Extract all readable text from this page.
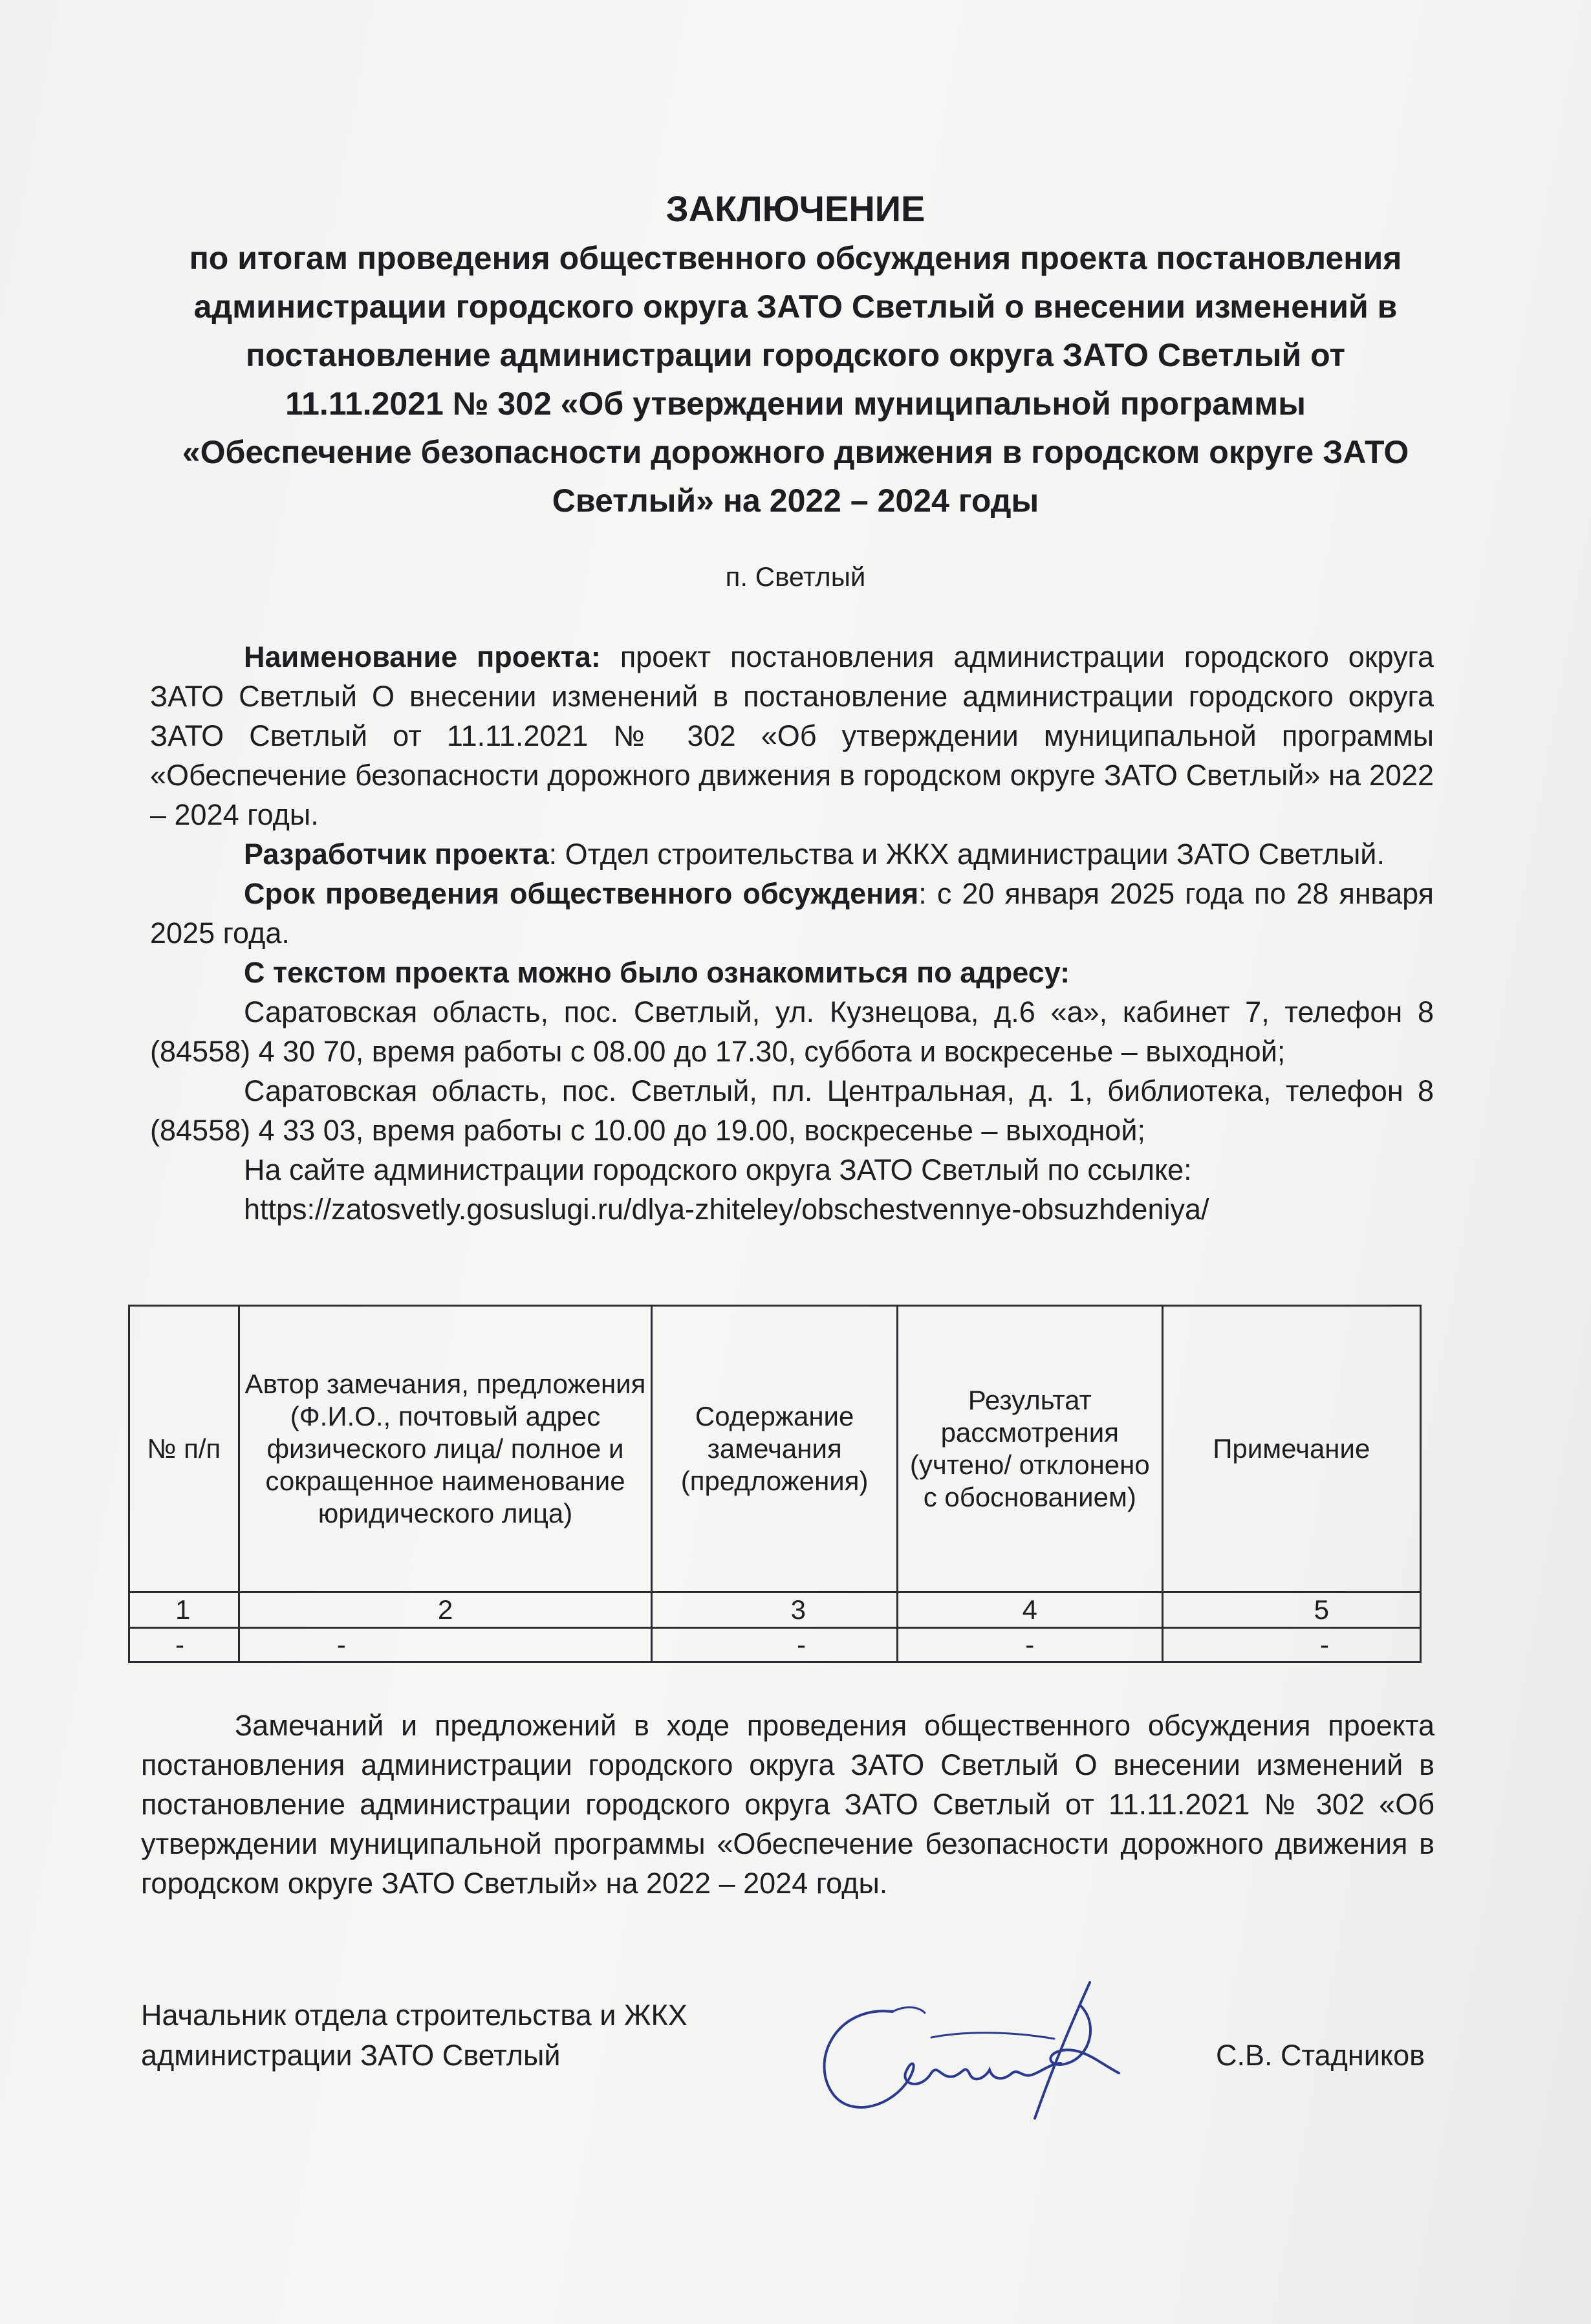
ЗАКЛЮЧЕНИЕ
по итогам проведения общественного обсуждения проекта постановления
администрации городского округа ЗАТО Светлый о внесении изменений в
постановление администрации городского округа ЗАТО Светлый от
11.11.2021 № 302 «Об утверждении муниципальной программы
«Обеспечение безопасности дорожного движения в городском округе ЗАТО
Светлый» на 2022 – 2024 годы
п. Светлый

Наименование проекта: проект постановления администрации городского округа ЗАТО Светлый О внесении изменений в постановление администрации городского округа ЗАТО Светлый от 11.11.2021 № 302 «Об утверждении муниципальной программы «Обеспечение безопасности дорожного движения в городском округе ЗАТО Светлый» на 2022 – 2024 годы.

Разработчик проекта: Отдел строительства и ЖКХ администрации ЗАТО Светлый.

Срок проведения общественного обсуждения: с 20 января 2025 года по 28 января 2025 года.

С текстом проекта можно было ознакомиться по адресу:

Саратовская область, пос. Светлый, ул. Кузнецова, д.6 «а», кабинет 7, телефон 8 (84558) 4 30 70, время работы с 08.00 до 17.30, суббота и воскресенье – выходной;

Саратовская область, пос. Светлый, пл. Центральная, д. 1, библиотека, телефон 8 (84558) 4 33 03, время работы с 10.00 до 19.00, воскресенье – выходной;

На сайте администрации городского округа ЗАТО Светлый по ссылке:

https://zatosvetly.gosuslugi.ru/dlya-zhiteley/obschestvennye-obsuzhdeniya/

№ п/п	Автор замечания, предложения (Ф.И.О., почтовый адрес физического лица/ полное и сокращенное наименование юридического лица)	Содержание замечания (предложения)	Результат рассмотрения (учтено/ отклонено с обоснованием)	Примечание
1	2	3	4	5
-	-	-	-	-

Замечаний и предложений в ходе проведения общественного обсуждения проекта постановления администрации городского округа ЗАТО Светлый О внесении изменений в постановление администрации городского округа ЗАТО Светлый от 11.11.2021 № 302 «Об утверждении муниципальной программы «Обеспечение безопасности дорожного движения в городском округе ЗАТО Светлый» на 2022 – 2024 годы.

Начальник отдела строительства и ЖКХ
администрации ЗАТО Светлый	С.В. Стадников
